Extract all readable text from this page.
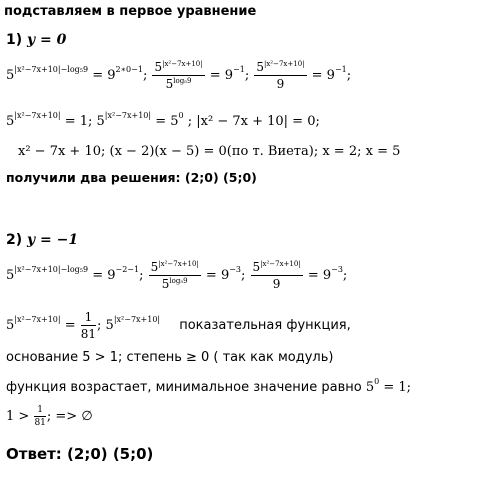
подставляем в первое уравнение
1) y = 0
$5^{|x^2-7x+10|-log_59} = 9^{2∗0-1}$; $\frac{5^{|x^2-7x+10|}}{5^{log_59}} = 9^{-1}$; $\frac{5^{|x^2-7x+10|}}{9} = 9^{-1}$;
$5^{|x^2-7x+10|} = 1$; $5^{|x^2-7x+10|} = 5^0$ ; |x² − 7x + 10| = 0;
x² − 7x + 10; (x − 2)(x − 5) = 0(по т. Виета); x = 2; x = 5
получили два решения: (2;0) (5;0)
2) y = −1
$5^{|x^2-7x+10|-log_59} = 9^{-2-1}$; $\frac{5^{|x^2-7x+10|}}{5^{log_59}} = 9^{-3}$; $\frac{5^{|x^2-7x+10|}}{9} = 9^{-3}$;
$5^{|x^2-7x+10|} = \frac{1}{81}$ ; $5^{|x^2-7x+10|}$ показательная функция,
основание 5 > 1; степень ≥ 0 ( так как модуль)
функция возрастает, минимальное значение равно $5^0 = 1$;
$1 > \frac{1}{81}$ ; => ∅
Ответ: (2;0) (5;0)
